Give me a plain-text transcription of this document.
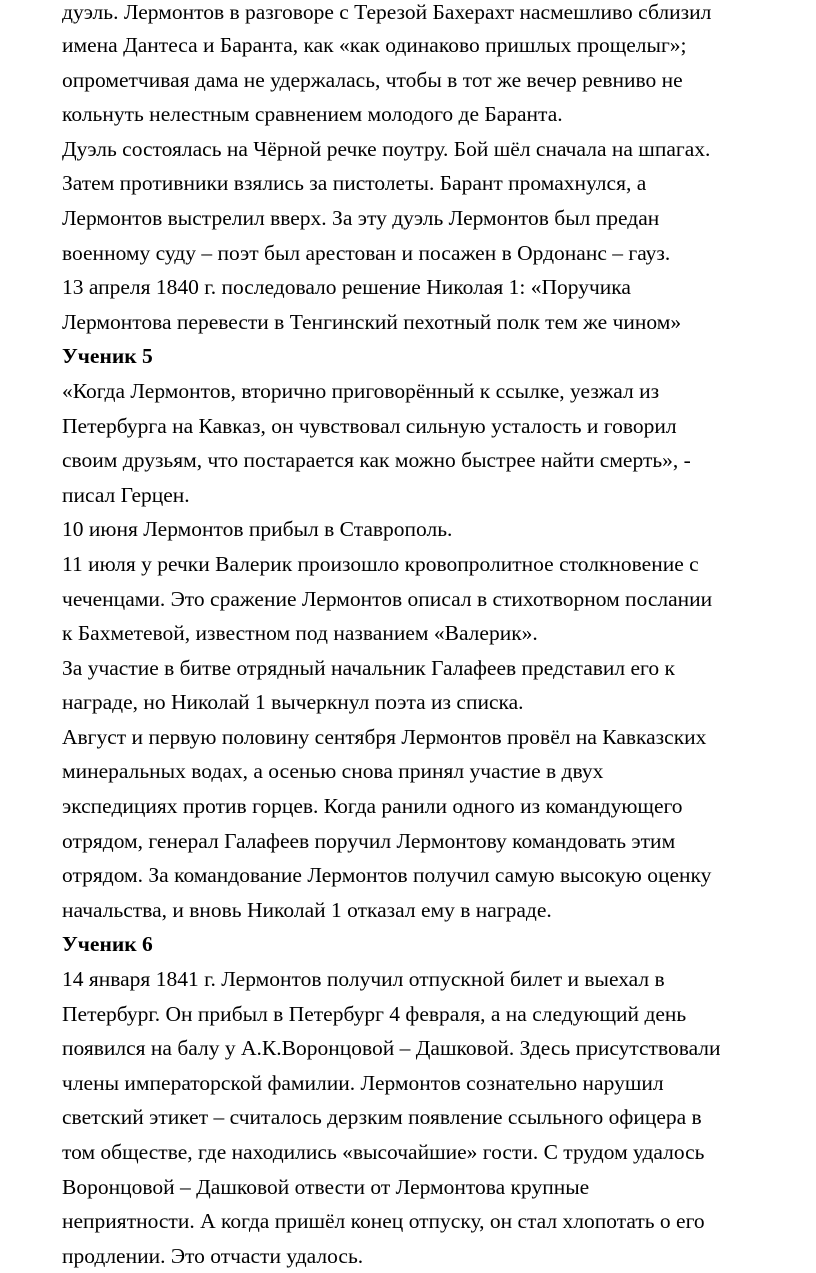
дуэль. Лермонтов в разговоре с Терезой Бахерахт насмешливо сблизил
имена Дантеса и Баранта, как «как одинаково пришлых прощелыг»;
опрометчивая дама не удержалась, чтобы в тот же вечер ревниво не
кольнуть нелестным сравнением молодого де Баранта.
Дуэль состоялась на Чёрной речке поутру. Бой шёл сначала на шпагах.
Затем противники взялись за пистолеты. Барант промахнулся, а
Лермонтов выстрелил вверх. За эту дуэль Лермонтов был предан
военному суду – поэт был арестован и посажен в Ордонанс – гауз.
13 апреля 1840 г. последовало решение Николая 1: «Поручика
Лермонтова перевести в Тенгинский пехотный полк тем же чином»
Ученик 5
«Когда Лермонтов, вторично приговорённый к ссылке, уезжал из
Петербурга на Кавказ, он чувствовал сильную усталость и говорил
своим друзьям, что постарается как можно быстрее найти смерть», -
писал Герцен.
10 июня Лермонтов прибыл в Ставрополь.
11 июля у речки Валерик произошло кровопролитное столкновение с
чеченцами. Это сражение Лермонтов описал в стихотворном послании
к Бахметевой, известном под названием «Валерик».
За участие в битве отрядный начальник Галафеев представил его к
награде, но Николай 1 вычеркнул поэта из списка.
Август и первую половину сентября Лермонтов провёл на Кавказских
минеральных водах, а осенью снова принял участие в двух
экспедициях против горцев. Когда ранили одного из командующего
отрядом, генерал Галафеев поручил Лермонтову командовать этим
отрядом. За командование Лермонтов получил самую высокую оценку
начальства, и вновь Николай 1 отказал ему в награде.
Ученик 6
14 января 1841 г. Лермонтов получил отпускной билет и выехал в
Петербург. Он прибыл в Петербург 4 февраля, а на следующий день
появился на балу у А.К.Воронцовой – Дашковой. Здесь присутствовали
члены императорской фамилии. Лермонтов сознательно нарушил
светский этикет – считалось дерзким появление ссыльного офицера в
том обществе, где находились «высочайшие» гости. С трудом удалось
Воронцовой – Дашковой отвести от Лермонтова крупные
неприятности. А когда пришёл конец отпуску, он стал хлопотать о его
продлении. Это отчасти удалось.
